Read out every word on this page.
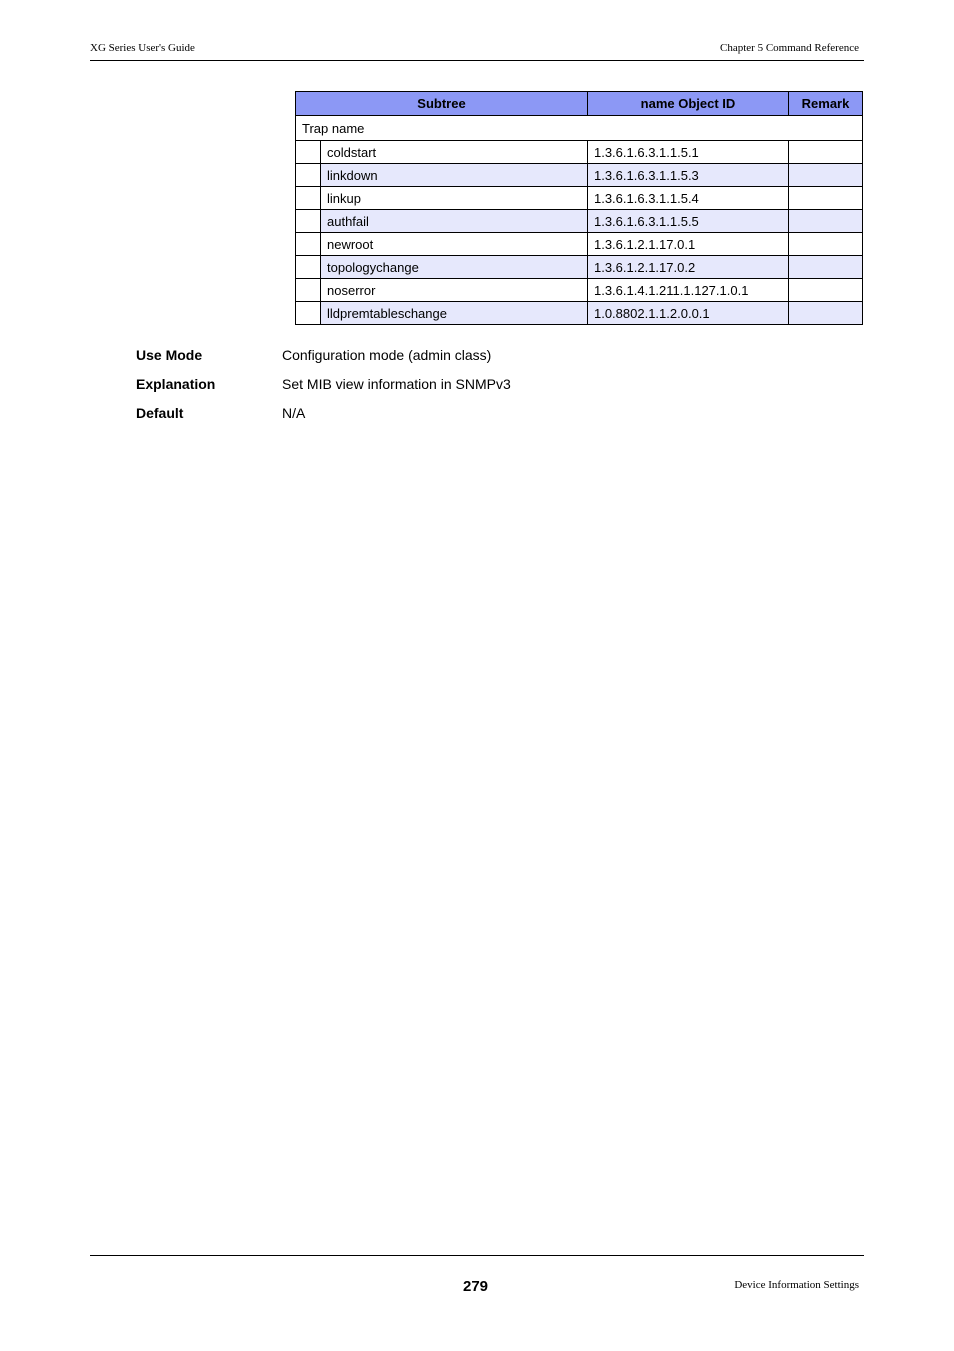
XG Series User's Guide	Chapter 5 Command Reference
Subtree		name Object ID	Remark
Trap name			
	coldstart	1.3.6.1.6.3.1.1.5.1	
	linkdown	1.3.6.1.6.3.1.1.5.3	
	linkup	1.3.6.1.6.3.1.1.5.4	
	authfail	1.3.6.1.6.3.1.1.5.5	
	newroot	1.3.6.1.2.1.17.0.1	
	topologychange	1.3.6.1.2.1.17.0.2	
	noserror	1.3.6.1.4.1.211.1.127.1.0.1	
	lldpremtableschange	1.0.8802.1.1.2.0.0.1	
Use Mode	Configuration mode (admin class)
Explanation	Set MIB view information in SNMPv3
Default	N/A
279	Device Information Settings
